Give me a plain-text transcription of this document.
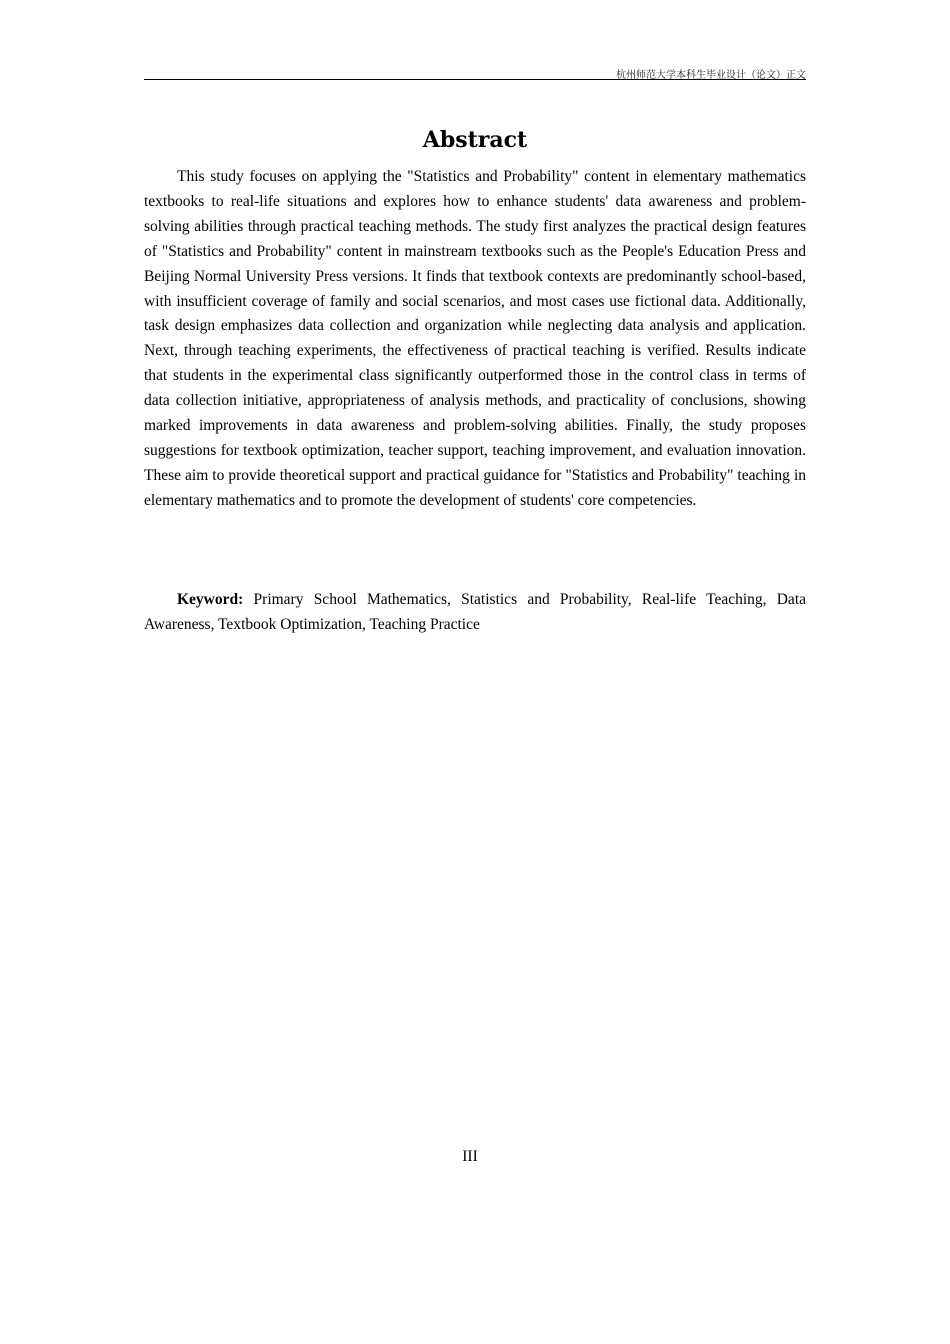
杭州师范大学本科生毕业设计（论文）正文
Abstract

This study focuses on applying the "Statistics and Probability" content in elementary mathematics textbooks to real-life situations and explores how to enhance students' data awareness and problem-solving abilities through practical teaching methods. The study first analyzes the practical design features of "Statistics and Probability" content in mainstream textbooks such as the People's Education Press and Beijing Normal University Press versions. It finds that textbook contexts are predominantly school-based, with insufficient coverage of family and social scenarios, and most cases use fictional data. Additionally, task design emphasizes data collection and organization while neglecting data analysis and application. Next, through teaching experiments, the effectiveness of practical teaching is verified. Results indicate that students in the experimental class significantly outperformed those in the control class in terms of data collection initiative, appropriateness of analysis methods, and practicality of conclusions, showing marked improvements in data awareness and problem-solving abilities. Finally, the study proposes suggestions for textbook optimization, teacher support, teaching improvement, and evaluation innovation. These aim to provide theoretical support and practical guidance for "Statistics and Probability" teaching in elementary mathematics and to promote the development of students' core competencies.

Keyword: Primary School Mathematics, Statistics and Probability, Real-life Teaching, Data Awareness, Textbook Optimization, Teaching Practice

III
